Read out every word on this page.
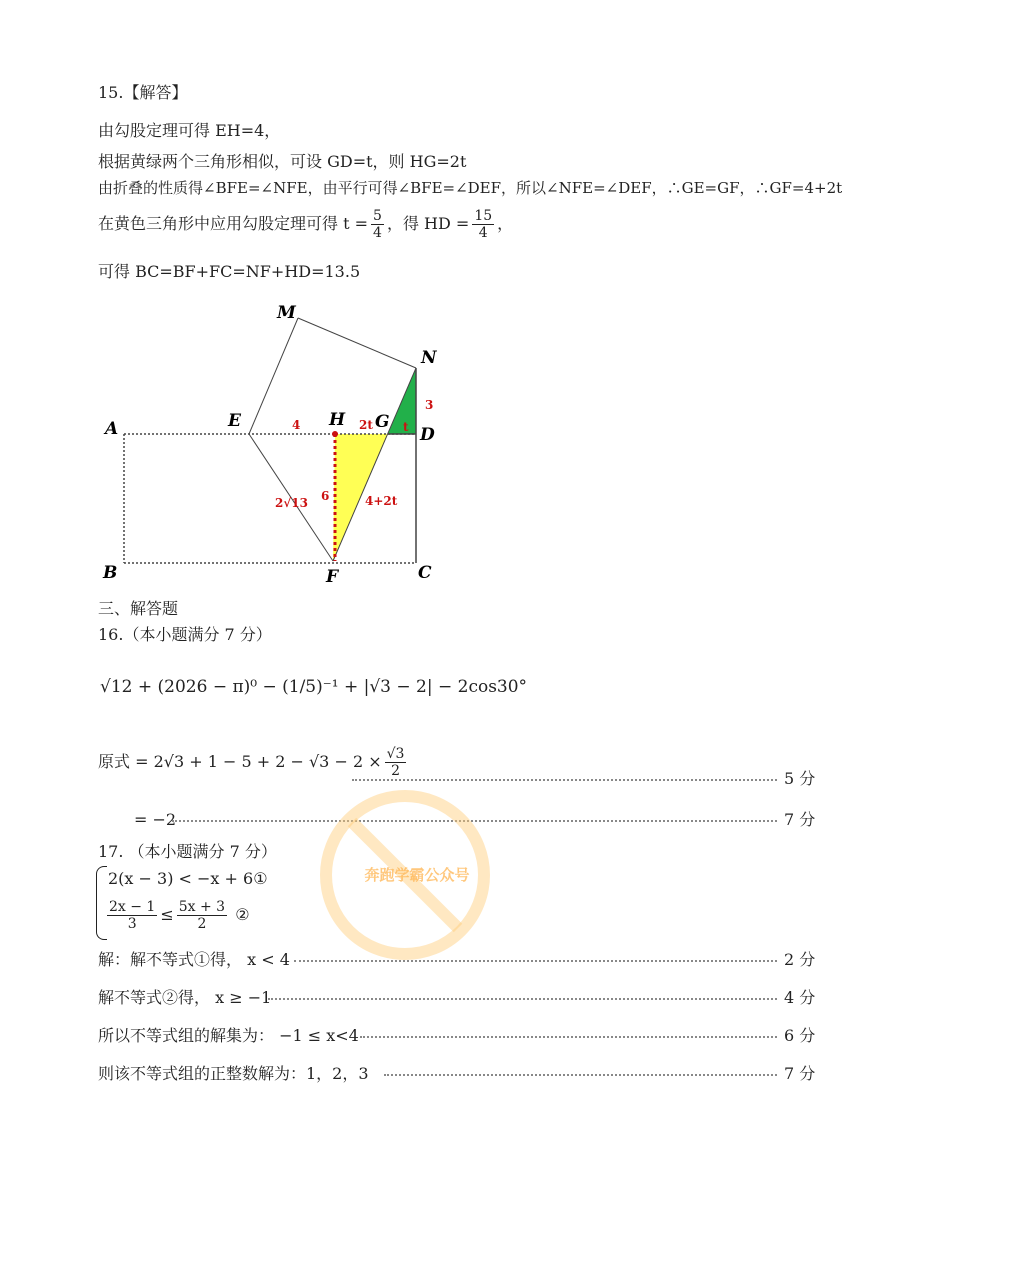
15.【解答】
由勾股定理可得 EH=4，
根据黄绿两个三角形相似，可设 GD=t，则 HG=2t
由折叠的性质得∠BFE=∠NFE，由平行可得∠BFE=∠DEF，所以∠NFE=∠DEF，∴GE=GF，∴GF=4+2t
在黄色三角形中应用勾股定理可得 $t = \frac{5}{4}$ ，得 HD = $\frac{15}{4}$ ，
可得 BC=BF+FC=NF+HD=13.5
M
N
A	E	H G
D
B	F	C
4	2t	t
3
6
2√13	4+2t
三、解答题
16.（本小题满分 7 分）
√12 + (2026 − π)⁰ − (1/5)⁻¹ + |√3 − 2| − 2cos30°
原式 = $2√3 + 1 - 5 + 2 - √3 - 2 \times \frac{√3}{2}$	5 分
= −2	7 分
17. （本小题满分 7 分）
2(x − 3) < −x + 6①
$\frac{2x - 1}{3} \le \frac{5x + 3}{2}$ ②
解：解不等式①得， x < 4	2 分
解不等式②得， x ≥ −1	4 分
所以不等式组的解集为： −1 ≤ x<4	6 分
则该不等式组的正整数解为：1，2，3	7 分
奔跑学霸公众号
